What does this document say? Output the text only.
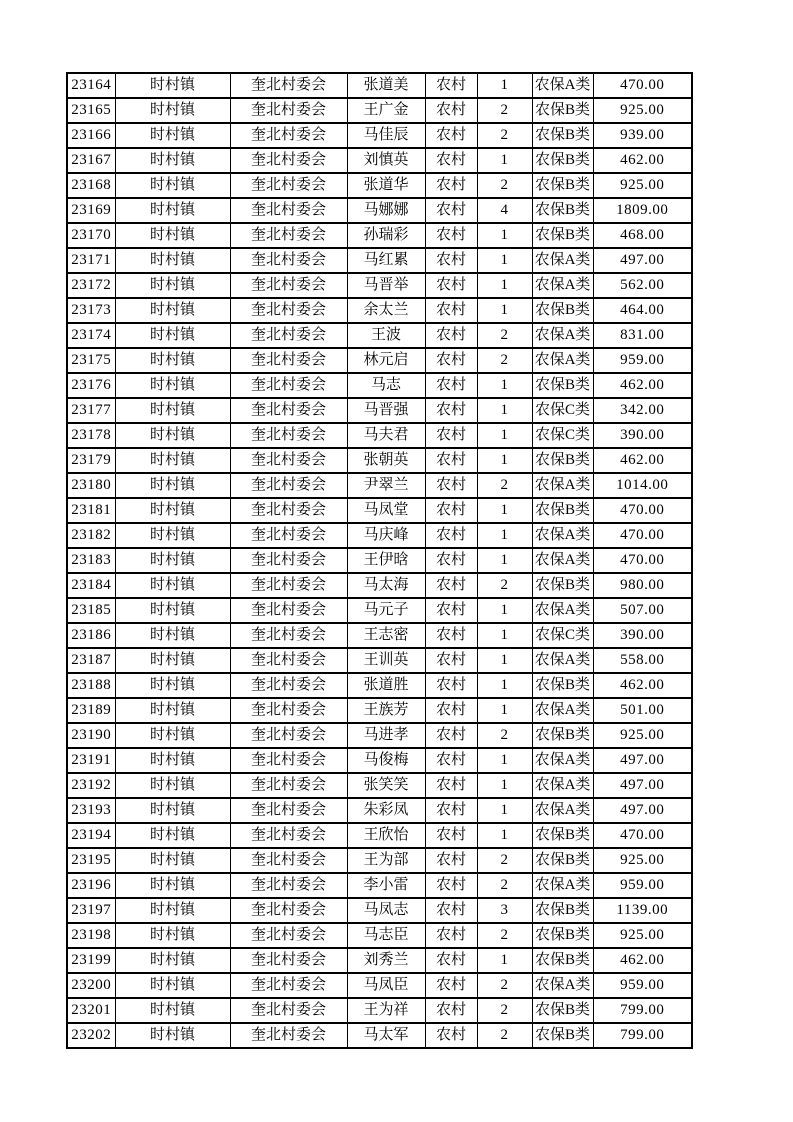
23164	时村镇	奎北村委会	张道美	农村	1	农保A类	470.00
23165	时村镇	奎北村委会	王广金	农村	2	农保B类	925.00
23166	时村镇	奎北村委会	马佳辰	农村	2	农保B类	939.00
23167	时村镇	奎北村委会	刘慎英	农村	1	农保B类	462.00
23168	时村镇	奎北村委会	张道华	农村	2	农保B类	925.00
23169	时村镇	奎北村委会	马娜娜	农村	4	农保B类	1809.00
23170	时村镇	奎北村委会	孙瑞彩	农村	1	农保B类	468.00
23171	时村镇	奎北村委会	马红累	农村	1	农保A类	497.00
23172	时村镇	奎北村委会	马晋举	农村	1	农保A类	562.00
23173	时村镇	奎北村委会	余太兰	农村	1	农保B类	464.00
23174	时村镇	奎北村委会	王波	农村	2	农保A类	831.00
23175	时村镇	奎北村委会	林元启	农村	2	农保A类	959.00
23176	时村镇	奎北村委会	马志	农村	1	农保B类	462.00
23177	时村镇	奎北村委会	马晋强	农村	1	农保C类	342.00
23178	时村镇	奎北村委会	马夫君	农村	1	农保C类	390.00
23179	时村镇	奎北村委会	张朝英	农村	1	农保B类	462.00
23180	时村镇	奎北村委会	尹翠兰	农村	2	农保A类	1014.00
23181	时村镇	奎北村委会	马凤堂	农村	1	农保B类	470.00
23182	时村镇	奎北村委会	马庆峰	农村	1	农保A类	470.00
23183	时村镇	奎北村委会	王伊晗	农村	1	农保A类	470.00
23184	时村镇	奎北村委会	马太海	农村	2	农保B类	980.00
23185	时村镇	奎北村委会	马元子	农村	1	农保A类	507.00
23186	时村镇	奎北村委会	王志密	农村	1	农保C类	390.00
23187	时村镇	奎北村委会	王训英	农村	1	农保A类	558.00
23188	时村镇	奎北村委会	张道胜	农村	1	农保B类	462.00
23189	时村镇	奎北村委会	王族芳	农村	1	农保A类	501.00
23190	时村镇	奎北村委会	马进孝	农村	2	农保B类	925.00
23191	时村镇	奎北村委会	马俊梅	农村	1	农保A类	497.00
23192	时村镇	奎北村委会	张笑笑	农村	1	农保A类	497.00
23193	时村镇	奎北村委会	朱彩凤	农村	1	农保A类	497.00
23194	时村镇	奎北村委会	王欣怡	农村	1	农保B类	470.00
23195	时村镇	奎北村委会	王为部	农村	2	农保B类	925.00
23196	时村镇	奎北村委会	李小雷	农村	2	农保A类	959.00
23197	时村镇	奎北村委会	马凤志	农村	3	农保B类	1139.00
23198	时村镇	奎北村委会	马志臣	农村	2	农保B类	925.00
23199	时村镇	奎北村委会	刘秀兰	农村	1	农保B类	462.00
23200	时村镇	奎北村委会	马凤臣	农村	2	农保A类	959.00
23201	时村镇	奎北村委会	王为祥	农村	2	农保B类	799.00
23202	时村镇	奎北村委会	马太军	农村	2	农保B类	799.00
